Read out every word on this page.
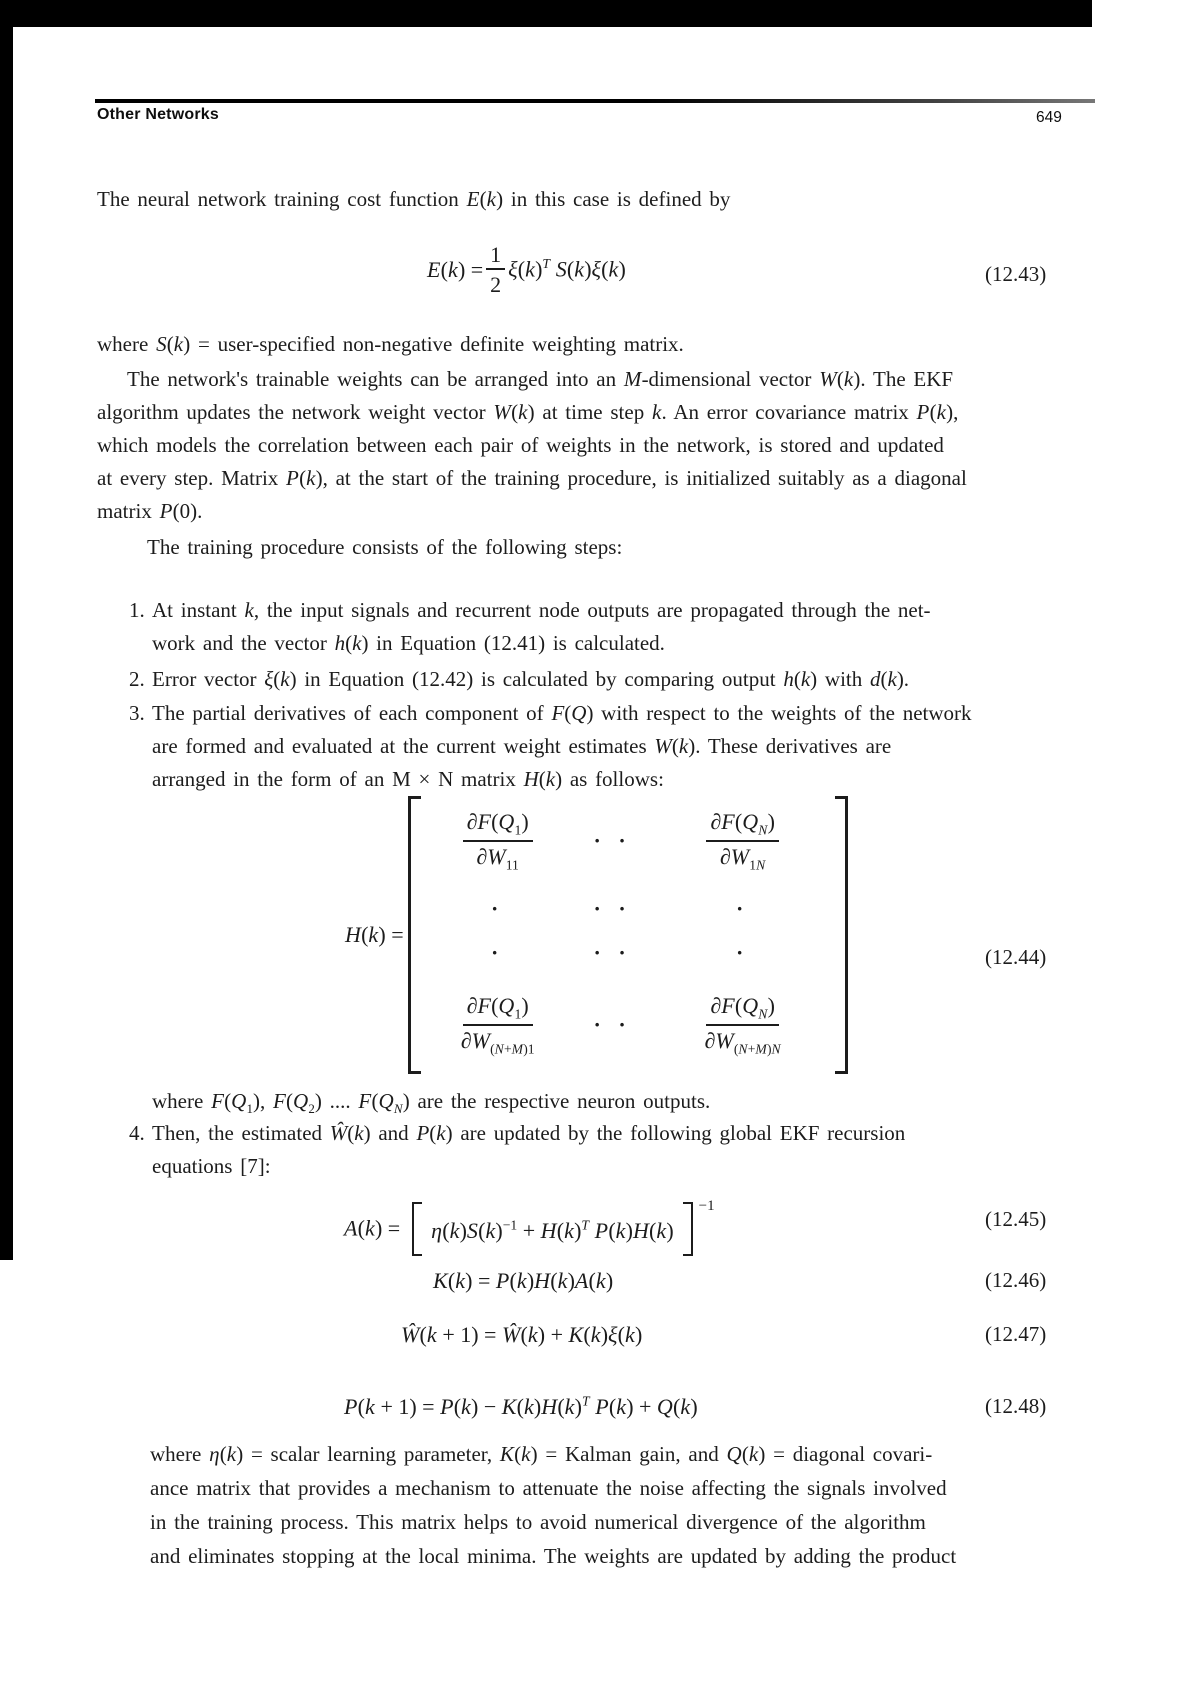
Other Networks	649
The neural network training cost function E(k) in this case is defined by
$E(k) = \frac{1}{2} \xi(k)^T$ S(k)ξ(k)	(12.43)
where S(k) = user-specified non-negative definite weighting matrix.
The network's trainable weights can be arranged into an M-dimensional vector W(k). The EKF
algorithm updates the network weight vector W(k) at time step k. An error covariance matrix P(k),
which models the correlation between each pair of weights in the network, is stored and updated
at every step. Matrix P(k), at the start of the training procedure, is initialized suitably as a diagonal
matrix P(0).
The training procedure consists of the following steps:
1. At instant k, the input signals and recurrent node outputs are propagated through the net-
work and the vector h(k) in Equation (12.41) is calculated.
2. Error vector ξ(k) in Equation (12.42) is calculated by comparing output h(k) with d(k).
3. The partial derivatives of each component of F(Q) with respect to the weights of the network
are formed and evaluated at the current weight estimates W(k). These derivatives are
arranged in the form of an M × N matrix H(k) as follows:
H(k) =
$\frac{\partial F(Q_1)}{\partial W_{11}}$	· ·	$\frac{\partial F(Q_N)}{\partial W_{1N}}$
·	· ·	·
·	· ·	·
$\frac{\partial F(Q_1)}{\partial W_{(N+M)1}}$	· ·	$\frac{\partial F(Q_N)}{\partial W_{(N+M)N}}$
(12.44)
where $F(Q_1)$, $F(Q_2)$ .... $F(Q_N)$ are the respective neuron outputs.
4. Then, the estimated Ŵ(k) and P(k) are updated by the following global EKF recursion
equations [7]:
$A(k) = \eta(k)S(k)^{-1} + H(k)^T$ P(k)H(k)  $^{-1}$
(12.45)
K(k) = P(k)H(k)A(k)	(12.46)
Ŵ(k + 1) = Ŵ(k) + K(k)ξ(k)	(12.47)
$P(k + 1) = P(k) - K(k)H(k)^T$ P(k) + Q(k)	(12.48)
where η(k) = scalar learning parameter, K(k) = Kalman gain, and Q(k) = diagonal covari-
ance matrix that provides a mechanism to attenuate the noise affecting the signals involved
in the training process. This matrix helps to avoid numerical divergence of the algorithm
and eliminates stopping at the local minima. The weights are updated by adding the product
